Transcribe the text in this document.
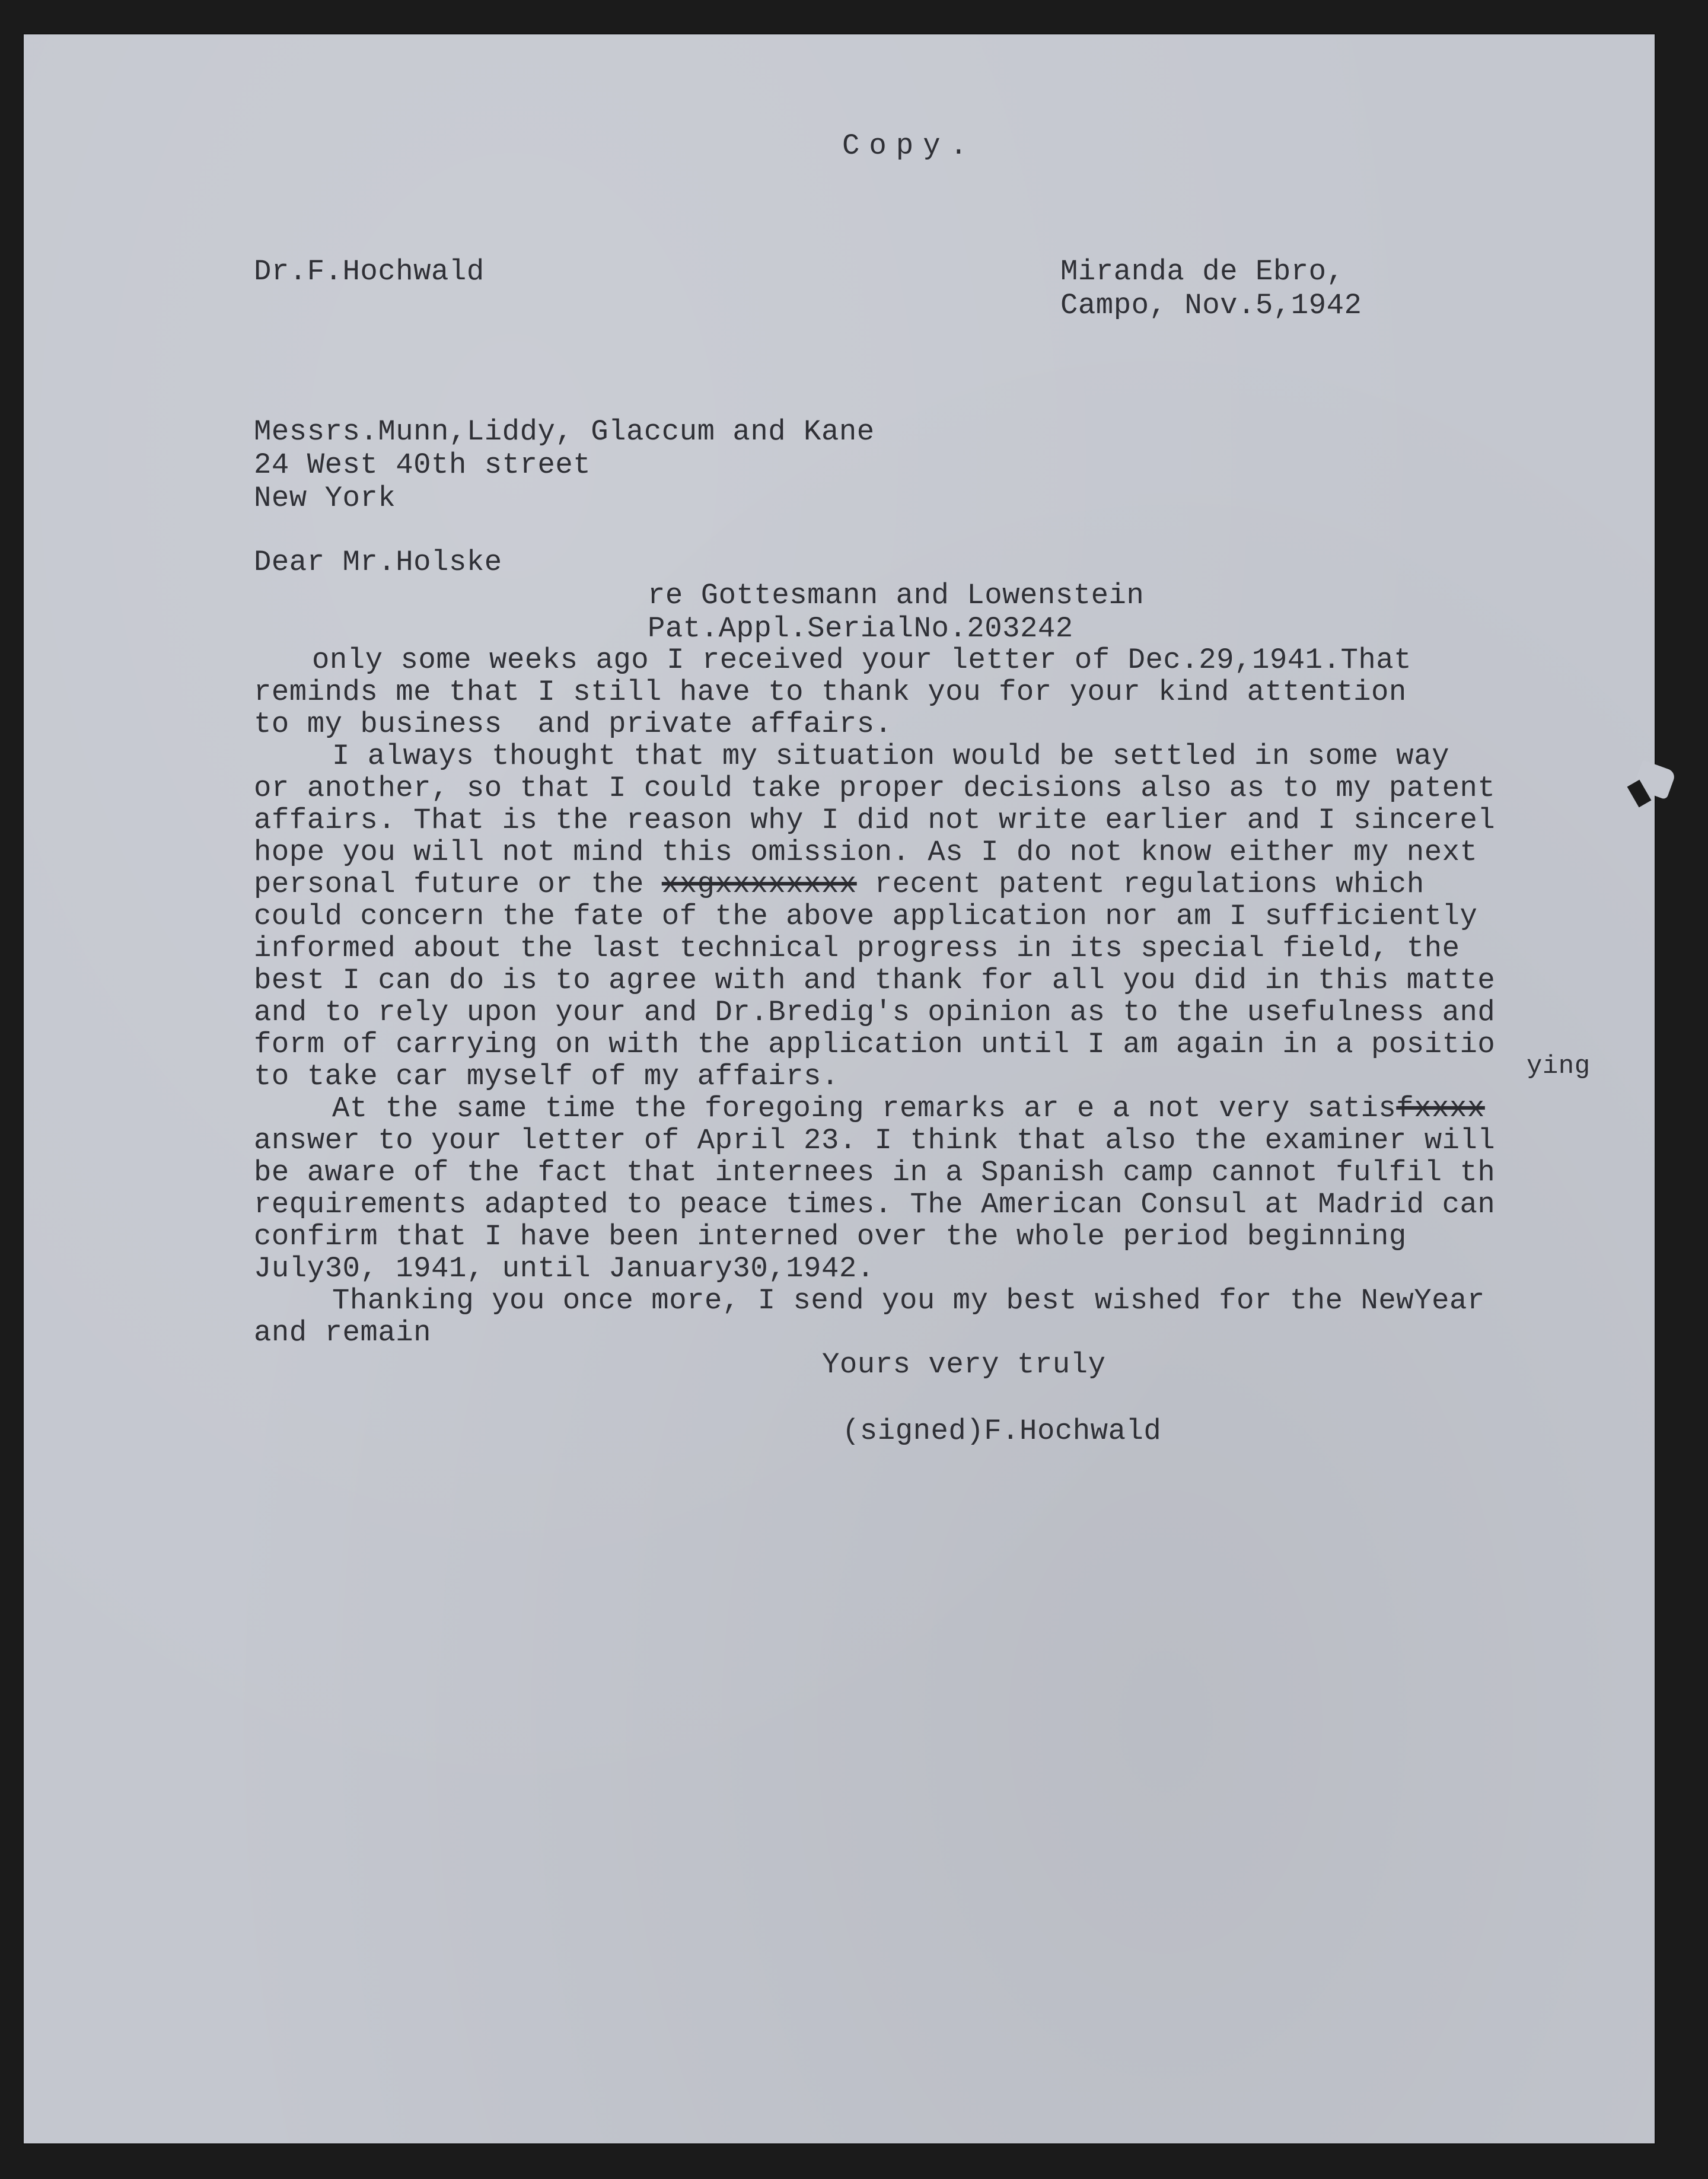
Copy.
Dr.F.Hochwald	Miranda de Ebro,
Campo, Nov.5,1942
Messrs.Munn,Liddy, Glaccum and Kane
24 West 40th street
New York
Dear Mr.Holske
re Gottesmann and Lowenstein
Pat.Appl.SerialNo.203242
only some weeks ago I received your letter of Dec.29,1941.That
reminds me that I still have to thank you for your kind attention
to my business  and private affairs.
I always thought that my situation would be settled in some way
or another, so that I could take proper decisions also as to my patent
affairs. That is the reason why I did not write earlier and I sincerel
hope you will not mind this omission. As I do not know either my next
personal future or the xxgxxxxxxxx recent patent regulations which
could concern the fate of the above application nor am I sufficiently
informed about the last technical progress in its special field, the
best I can do is to agree with and thank for all you did in this matte
and to rely upon your and Dr.Bredig's opinion as to the usefulness and
form of carrying on with the application until I am again in a positio
to take car myself of my affairs.	ying
At the same time the foregoing remarks ar e a not very satisfxxxx
answer to your letter of April 23. I think that also the examiner will
be aware of the fact that internees in a Spanish camp cannot fulfil th
requirements adapted to peace times. The American Consul at Madrid can
confirm that I have been interned over the whole period beginning
July30, 1941, until January30,1942.
Thanking you once more, I send you my best wished for the NewYear
and remain
Yours very truly
(signed)F.Hochwald
